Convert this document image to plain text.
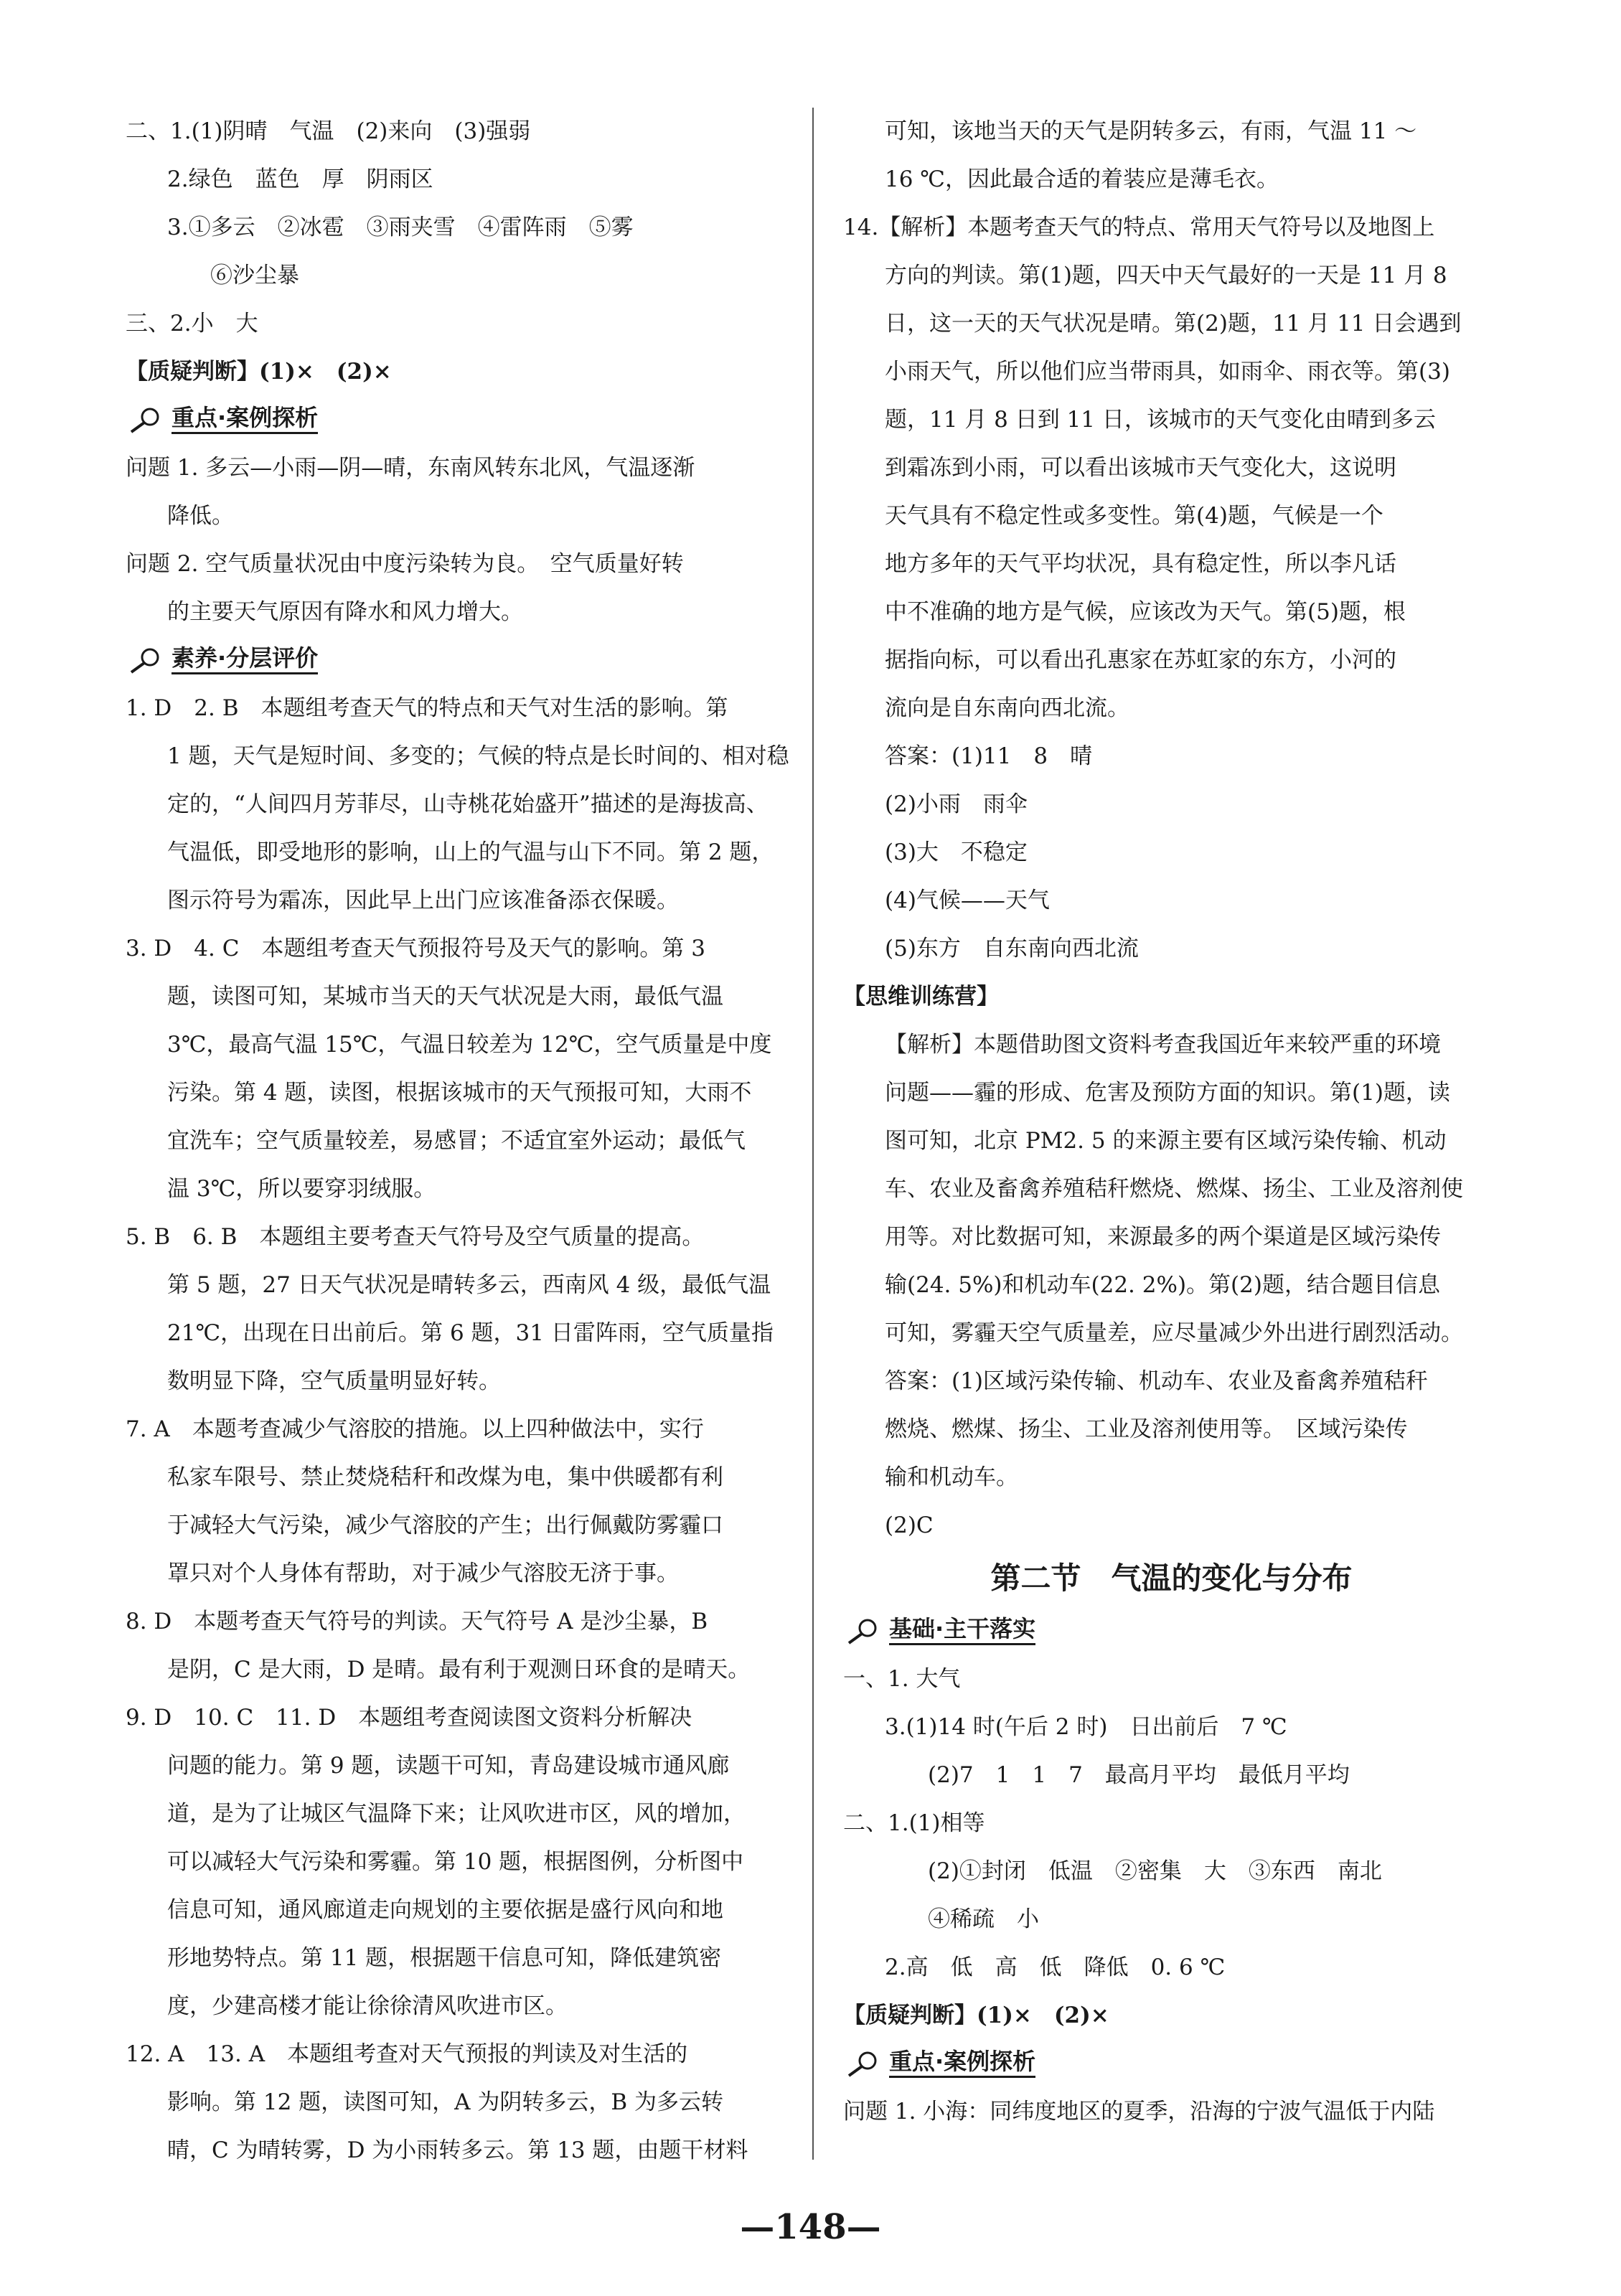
二、1.(1)阴晴　气温　(2)来向　(3)强弱
2.绿色　蓝色　厚　阴雨区
3.①多云　②冰雹　③雨夹雪　④雷阵雨　⑤雾
⑥沙尘暴
三、2.小　大
【质疑判断】(1)×　(2)×
重点·案例探析
问题 1. 多云—小雨—阴—晴，东南风转东北风，气温逐渐
降低。
问题 2. 空气质量状况由中度污染转为良。　空气质量好转
的主要天气原因有降水和风力增大。
素养·分层评价
1. D　2. B　本题组考查天气的特点和天气对生活的影响。第
1 题，天气是短时间、多变的；气候的特点是长时间的、相对稳
定的，“人间四月芳菲尽，山寺桃花始盛开”描述的是海拔高、
气温低，即受地形的影响，山上的气温与山下不同。第 2 题，
图示符号为霜冻，因此早上出门应该准备添衣保暖。
3. D　4. C　本题组考查天气预报符号及天气的影响。第 3
题，读图可知，某城市当天的天气状况是大雨，最低气温
3℃，最高气温 15℃，气温日较差为 12℃，空气质量是中度
污染。第 4 题，读图，根据该城市的天气预报可知，大雨不
宜洗车；空气质量较差，易感冒；不适宜室外运动；最低气
温 3℃，所以要穿羽绒服。
5. B　6. B　本题组主要考查天气符号及空气质量的提高。
第 5 题，27 日天气状况是晴转多云，西南风 4 级，最低气温
21℃，出现在日出前后。第 6 题，31 日雷阵雨，空气质量指
数明显下降，空气质量明显好转。
7. A　本题考查减少气溶胶的措施。以上四种做法中，实行
私家车限号、禁止焚烧秸秆和改煤为电，集中供暖都有利
于减轻大气污染，减少气溶胶的产生；出行佩戴防雾霾口
罩只对个人身体有帮助，对于减少气溶胶无济于事。
8. D　本题考查天气符号的判读。天气符号 A 是沙尘暴，B
是阴，C 是大雨，D 是晴。最有利于观测日环食的是晴天。
9. D　10. C　11. D　本题组考查阅读图文资料分析解决
问题的能力。第 9 题，读题干可知，青岛建设城市通风廊
道，是为了让城区气温降下来；让风吹进市区，风的增加，
可以减轻大气污染和雾霾。第 10 题，根据图例，分析图中
信息可知，通风廊道走向规划的主要依据是盛行风向和地
形地势特点。第 11 题，根据题干信息可知，降低建筑密
度，少建高楼才能让徐徐清风吹进市区。
12. A　13. A　本题组考查对天气预报的判读及对生活的
影响。第 12 题，读图可知，A 为阴转多云，B 为多云转
晴，C 为晴转雾，D 为小雨转多云。第 13 题，由题干材料
可知，该地当天的天气是阴转多云，有雨，气温 11 ～
16 ℃，因此最合适的着装应是薄毛衣。
14.【解析】本题考查天气的特点、常用天气符号以及地图上
方向的判读。第(1)题，四天中天气最好的一天是 11 月 8
日，这一天的天气状况是晴。第(2)题，11 月 11 日会遇到
小雨天气，所以他们应当带雨具，如雨伞、雨衣等。第(3)
题，11 月 8 日到 11 日，该城市的天气变化由晴到多云
到霜冻到小雨，可以看出该城市天气变化大，这说明
天气具有不稳定性或多变性。第(4)题，气候是一个
地方多年的天气平均状况，具有稳定性，所以李凡话
中不准确的地方是气候，应该改为天气。第(5)题，根
据指向标，可以看出孔惠家在苏虹家的东方，小河的
流向是自东南向西北流。
答案：(1)11　8　晴
(2)小雨　雨伞
(3)大　不稳定
(4)气候——天气
(5)东方　自东南向西北流
【思维训练营】
【解析】本题借助图文资料考查我国近年来较严重的环境
问题——霾的形成、危害及预防方面的知识。第(1)题，读
图可知，北京 PM2. 5 的来源主要有区域污染传输、机动
车、农业及畜禽养殖秸秆燃烧、燃煤、扬尘、工业及溶剂使
用等。对比数据可知，来源最多的两个渠道是区域污染传
输(24. 5%)和机动车(22. 2%)。第(2)题，结合题目信息
可知，雾霾天空气质量差，应尽量减少外出进行剧烈活动。
答案：(1)区域污染传输、机动车、农业及畜禽养殖秸秆
燃烧、燃煤、扬尘、工业及溶剂使用等。　区域污染传
输和机动车。
(2)C
第二节　气温的变化与分布
基础·主干落实
一、1. 大气
3.(1)14 时(午后 2 时)　日出前后　7 ℃
(2)7　1　1　7　最高月平均　最低月平均
二、1.(1)相等
(2)①封闭　低温　②密集　大　③东西　南北
④稀疏　小
2.高　低　高　低　降低　0. 6 ℃
【质疑判断】(1)×　(2)×
重点·案例探析
问题 1. 小海：同纬度地区的夏季，沿海的宁波气温低于内陆
—148—
